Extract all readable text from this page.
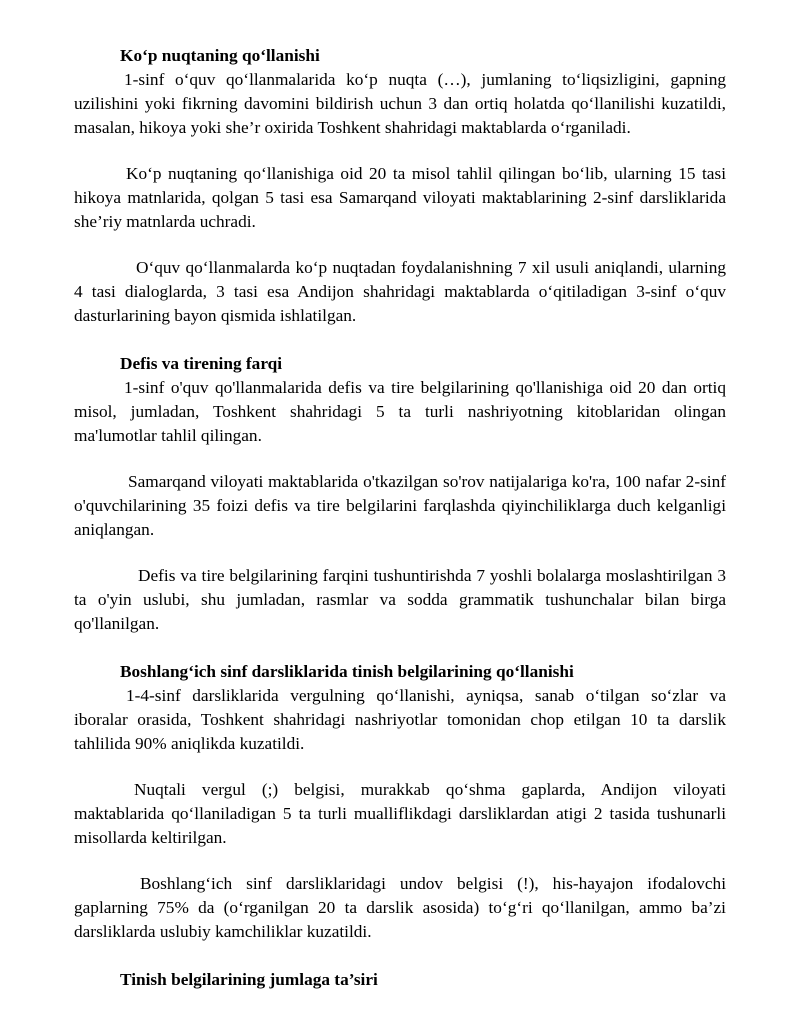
Ko‘p nuqtaning qo‘llanishi

1-sinf o‘quv qo‘llanmalarida ko‘p nuqta (…), jumlaning to‘liqsizligini, gapning uzilishini yoki fikrning davomini bildirish uchun 3 dan ortiq holatda qo‘llanilishi kuzatildi, masalan, hikoya yoki she’r oxirida Toshkent shahridagi maktablarda o‘rganiladi.

Ko‘p nuqtaning qo‘llanishiga oid 20 ta misol tahlil qilingan bo‘lib, ularning 15 tasi hikoya matnlarida, qolgan 5 tasi esa Samarqand viloyati maktablarining 2-sinf darsliklarida she’riy matnlarda uchradi.

O‘quv qo‘llanmalarda ko‘p nuqtadan foydalanishning 7 xil usuli aniqlandi, ularning 4 tasi dialoglarda, 3 tasi esa Andijon shahridagi maktablarda o‘qitiladigan 3-sinf o‘quv dasturlarining bayon qismida ishlatilgan.

Defis va tirening farqi

1-sinf o'quv qo'llanmalarida defis va tire belgilarining qo'llanishiga oid 20 dan ortiq misol, jumladan, Toshkent shahridagi 5 ta turli nashriyotning kitoblaridan olingan ma'lumotlar tahlil qilingan.

Samarqand viloyati maktablarida o'tkazilgan so'rov natijalariga ko'ra, 100 nafar 2-sinf o'quvchilarining 35 foizi defis va tire belgilarini farqlashda qiyinchiliklarga duch kelganligi aniqlangan.

Defis va tire belgilarining farqini tushuntirishda 7 yoshli bolalarga moslashtirilgan 3 ta o'yin uslubi, shu jumladan, rasmlar va sodda grammatik tushunchalar bilan birga qo'llanilgan.

Boshlang‘ich sinf darsliklarida tinish belgilarining qo‘llanishi

1-4-sinf darsliklarida vergulning qo‘llanishi, ayniqsa, sanab o‘tilgan so‘zlar va iboralar orasida, Toshkent shahridagi nashriyotlar tomonidan chop etilgan 10 ta darslik tahlilida 90% aniqlikda kuzatildi.

Nuqtali vergul (;) belgisi, murakkab qo‘shma gaplarda, Andijon viloyati maktablarida qo‘llaniladigan 5 ta turli mualliflikdagi darsliklardan atigi 2 tasida tushunarli misollarda keltirilgan.

Boshlang‘ich sinf darsliklaridagi undov belgisi (!), his-hayajon ifodalovchi gaplarning 75% da (o‘rganilgan 20 ta darslik asosida) to‘g‘ri qo‘llanilgan, ammo ba’zi darsliklarda uslubiy kamchiliklar kuzatildi.

Tinish belgilarining jumlaga ta’siri
